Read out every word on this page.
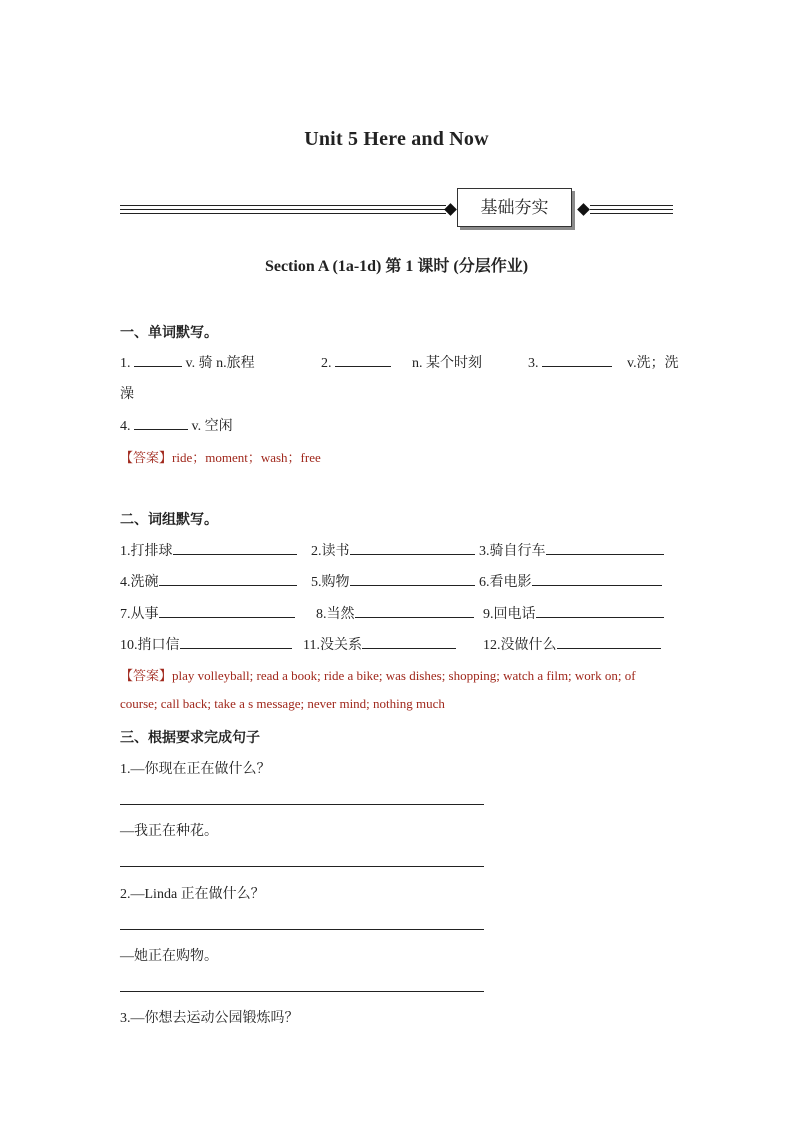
Unit 5 Here and Now
基础夯实
Section A (1a-1d) 第 1 课时 (分层作业)
一、单词默写。
1.	v. 骑 n.旅程	2.	n. 某个时刻	3.	v.洗；洗
澡
4.	v. 空闲
【答案】ride；moment；wash；free
二、词组默写。
1.打排球	2.读书	3.骑自行车
4.洗碗	5.购物	6.看电影
7.从事	8.当然	9.回电话
10.捎口信	11.没关系	12.没做什么
【答案】play volleyball; read a book; ride a bike; was dishes; shopping; watch a film; work on; of
course; call back; take a s message; never mind; nothing much
三、根据要求完成句子
1.—你现在正在做什么？
—我正在种花。
2.—Linda 正在做什么？
—她正在购物。
3.—你想去运动公园锻炼吗？
